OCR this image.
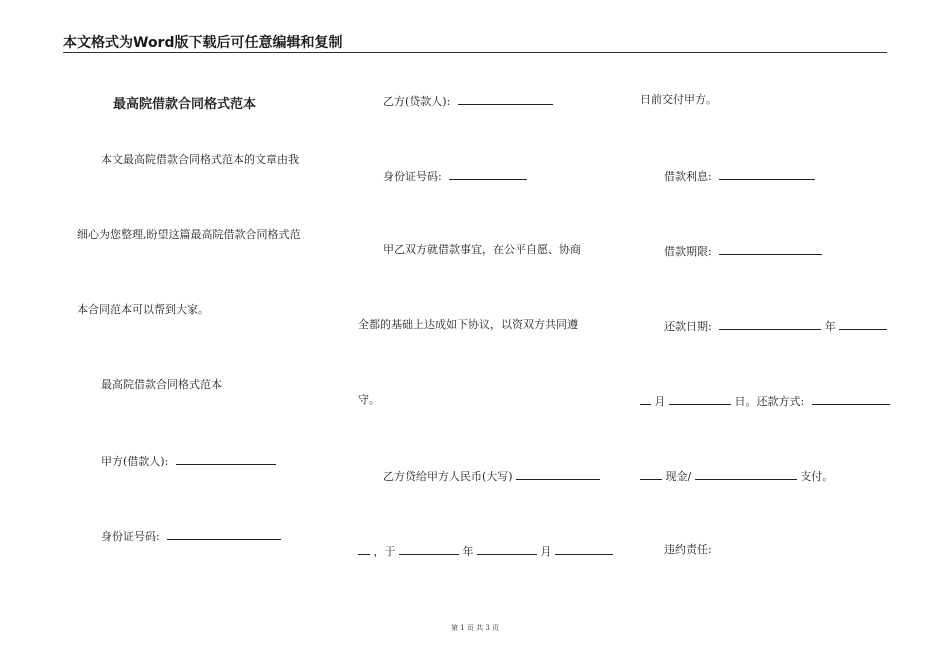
本文格式为Word版下载后可任意编辑和复制
最高院借款合同格式范本
本文最高院借款合同格式范本的文章由我
细心为您整理,盼望这篇最高院借款合同格式范
本合同范本可以帮到大家。
最高院借款合同格式范本
甲方(借款人):
身份证号码:
乙方(贷款人):
身份证号码:
甲乙双方就借款事宜，在公平自愿、协商
全都的基础上达成如下协议，以资双方共同遵
守。
乙方贷给甲方人民币(大写)
，于	年	月
日前交付甲方。
借款利息:
借款期限:
还款日期:	年
月	日。还款方式:
现金/	支付。
违约责任:
第 1 页 共 3 页
